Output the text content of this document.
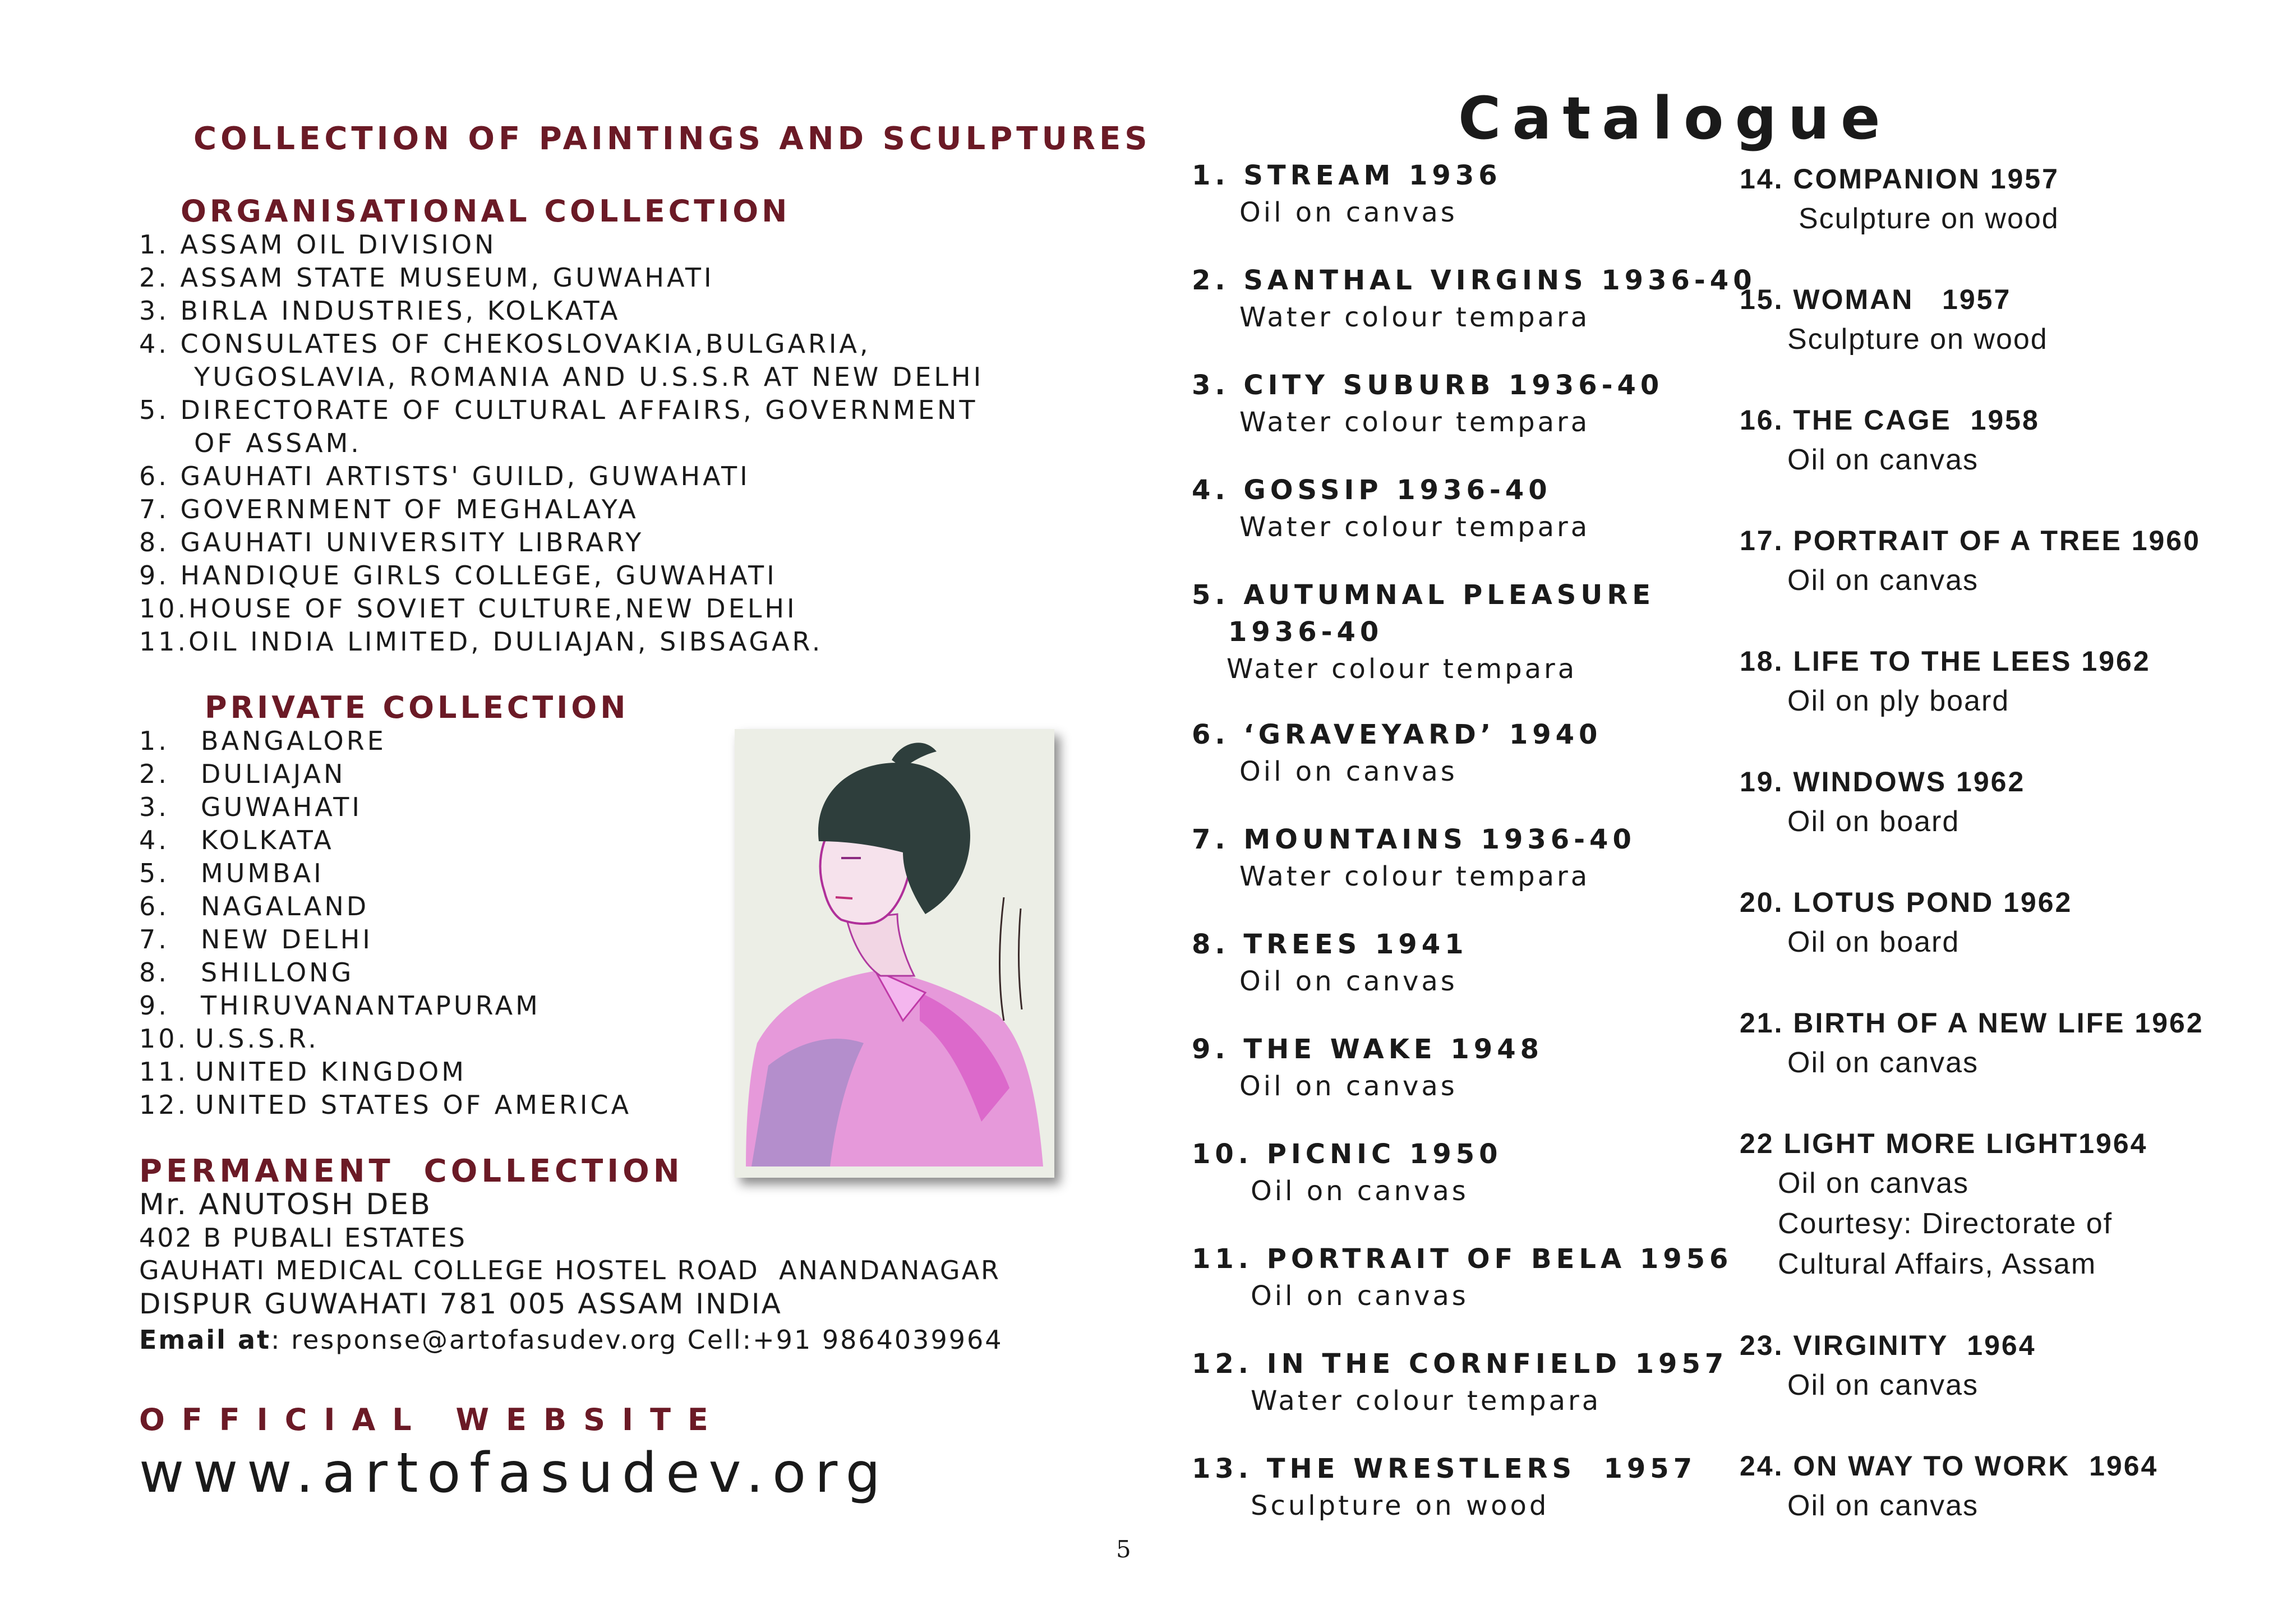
COLLECTION OF PAINTINGS AND SCULPTURES
ORGANISATIONAL COLLECTION
1. ASSAM OIL DIVISION
2. ASSAM STATE MUSEUM, GUWAHATI
3. BIRLA INDUSTRIES, KOLKATA
4. CONSULATES OF CHEKOSLOVAKIA,BULGARIA,
YUGOSLAVIA, ROMANIA AND U.S.S.R AT NEW DELHI
5. DIRECTORATE OF CULTURAL AFFAIRS, GOVERNMENT
OF ASSAM.
6. GAUHATI ARTISTS' GUILD, GUWAHATI
7. GOVERNMENT OF MEGHALAYA
8. GAUHATI UNIVERSITY LIBRARY
9. HANDIQUE GIRLS COLLEGE, GUWAHATI
10.HOUSE OF SOVIET CULTURE,NEW DELHI
11.OIL INDIA LIMITED, DULIAJAN, SIBSAGAR.
PRIVATE COLLECTION
1. BANGALORE
2. DULIAJAN
3. GUWAHATI
4. KOLKATA
5. MUMBAI
6. NAGALAND
7. NEW DELHI
8. SHILLONG
9. THIRUVANANTAPURAM
10. U.S.S.R.
11. UNITED KINGDOM
12. UNITED STATES OF AMERICA
PERMANENT  COLLECTION
Mr. ANUTOSH DEB
402 B PUBALI ESTATES
GAUHATI MEDICAL COLLEGE HOSTEL ROAD  ANANDANAGAR
DISPUR GUWAHATI 781 005 ASSAM INDIA
Email at: response@artofasudev.org Cell:+91 9864039964
OFFICIAL WEBSITE
www.artofasudev.org
5
Catalogue
1. STREAM 1936
Oil on canvas
2. SANTHAL VIRGINS 1936-40
Water colour tempara
3. CITY SUBURB 1936-40
Water colour tempara
4. GOSSIP 1936-40
Water colour tempara
5. AUTUMNAL PLEASURE
1936-40
Water colour tempara
6. ‘GRAVEYARD’ 1940
Oil on canvas
7. MOUNTAINS 1936-40
Water colour tempara
8. TREES 1941
Oil on canvas
9. THE WAKE 1948
Oil on canvas
10. PICNIC 1950
Oil on canvas
11. PORTRAIT OF BELA 1956
Oil on canvas
12. IN THE CORNFIELD 1957
Water colour tempara
13. THE WRESTLERS  1957
Sculpture on wood
14. COMPANION 1957
Sculpture on wood
15. WOMAN   1957
Sculpture on wood
16. THE CAGE  1958
Oil on canvas
17. PORTRAIT OF A TREE 1960
Oil on canvas
18. LIFE TO THE LEES 1962
Oil on ply board
19. WINDOWS 1962
Oil on board
20. LOTUS POND 1962
Oil on board
21. BIRTH OF A NEW LIFE 1962
Oil on canvas
22 LIGHT MORE LIGHT1964
Oil on canvas
Courtesy: Directorate of
Cultural Affairs, Assam
23. VIRGINITY  1964
Oil on canvas
24. ON WAY TO WORK  1964
Oil on canvas
